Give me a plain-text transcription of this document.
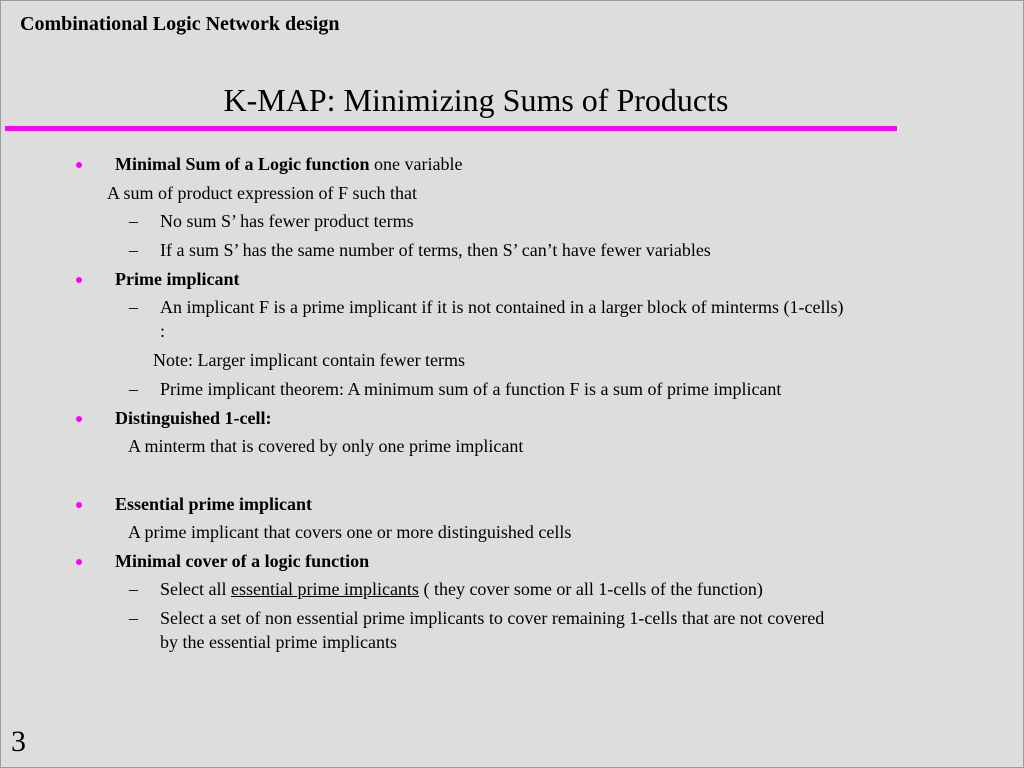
Combinational Logic Network design
K-MAP: Minimizing Sums of Products
Minimal Sum of a Logic function one variable
A sum of product expression of F such that
– No sum S’ has fewer product terms
– If a sum S’ has the same number of terms, then S’ can’t have fewer variables
Prime implicant
– An implicant F is a prime implicant if it is not contained in a larger block of minterms (1-cells)
:
Note: Larger implicant contain fewer terms
– Prime implicant theorem: A minimum sum of a function F is a sum of prime implicant
Distinguished 1-cell:
A minterm that is covered by only one prime implicant
Essential prime implicant
A prime implicant that covers one or more distinguished cells
Minimal cover of a logic function
– Select all essential prime implicants ( they cover some or all 1-cells of the function)
– Select a set of non essential prime implicants to cover remaining 1-cells that are not covered
by the essential prime implicants
3
